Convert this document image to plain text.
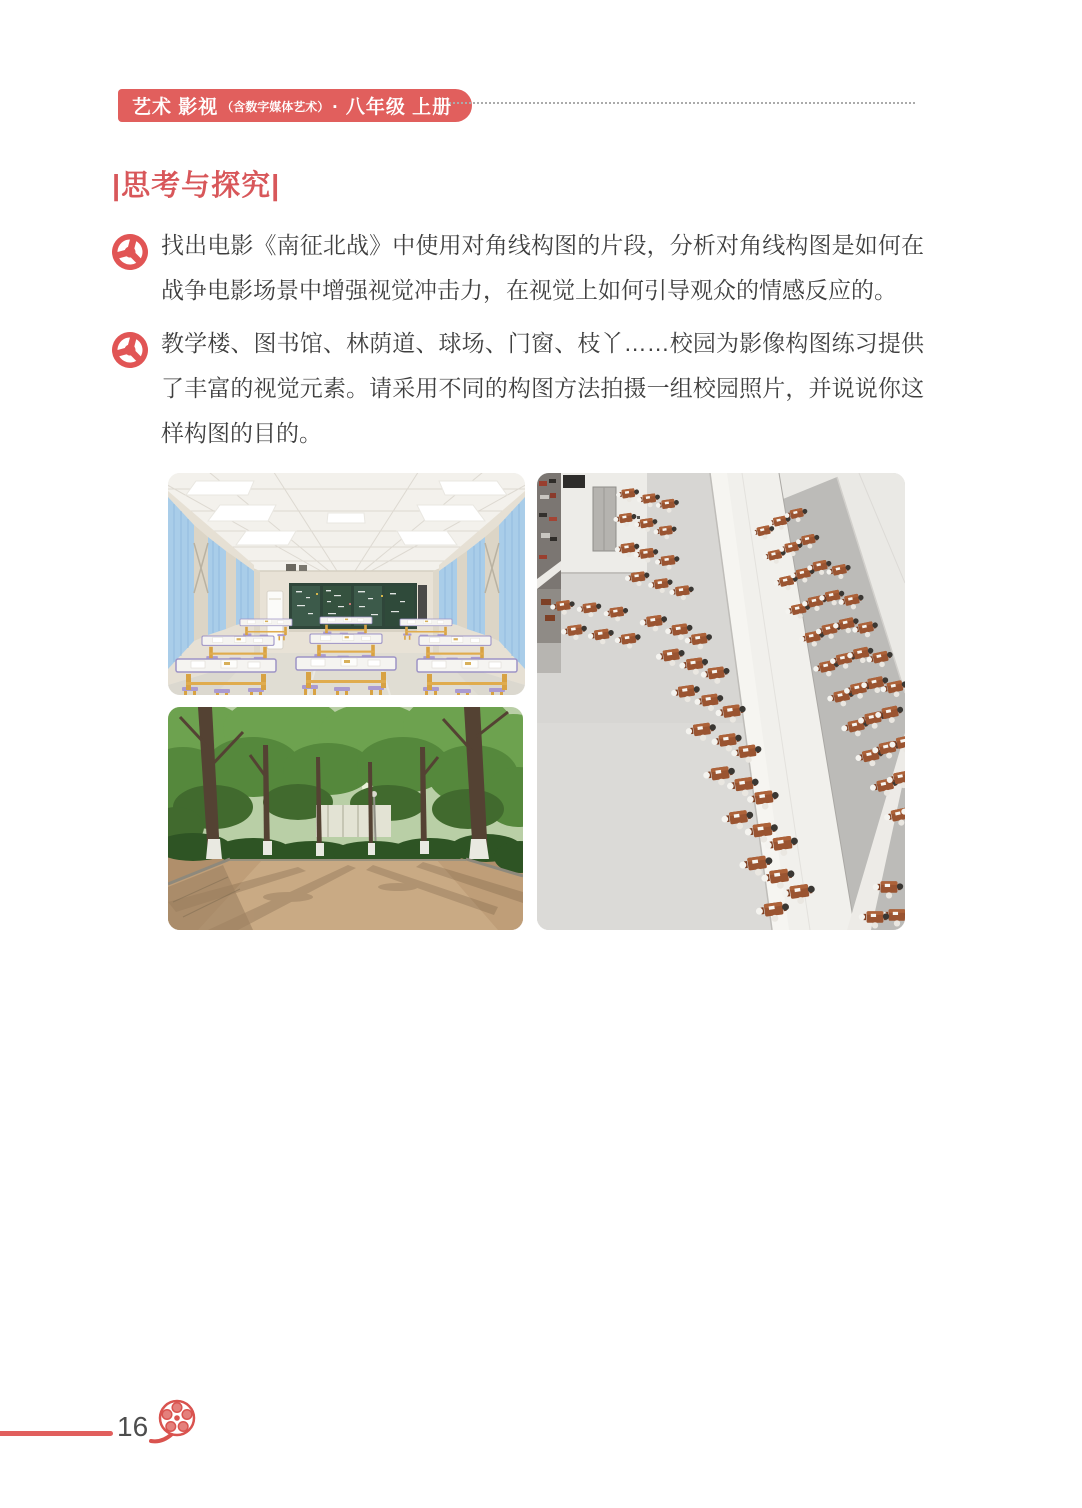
艺术 影视 （含数字媒体艺术） · 八年级 上册
|思考与探究|

找出电影《南征北战》中使用对角线构图的片段，分析对角线构图是如何在战争电影场景中增强视觉冲击力，在视觉上如何引导观众的情感反应的。

教学楼、图书馆、林荫道、球场、门窗、枝丫……校园为影像构图练习提供了丰富的视觉元素。请采用不同的构图方法拍摄一组校园照片，并说说你这样构图的目的。

16
